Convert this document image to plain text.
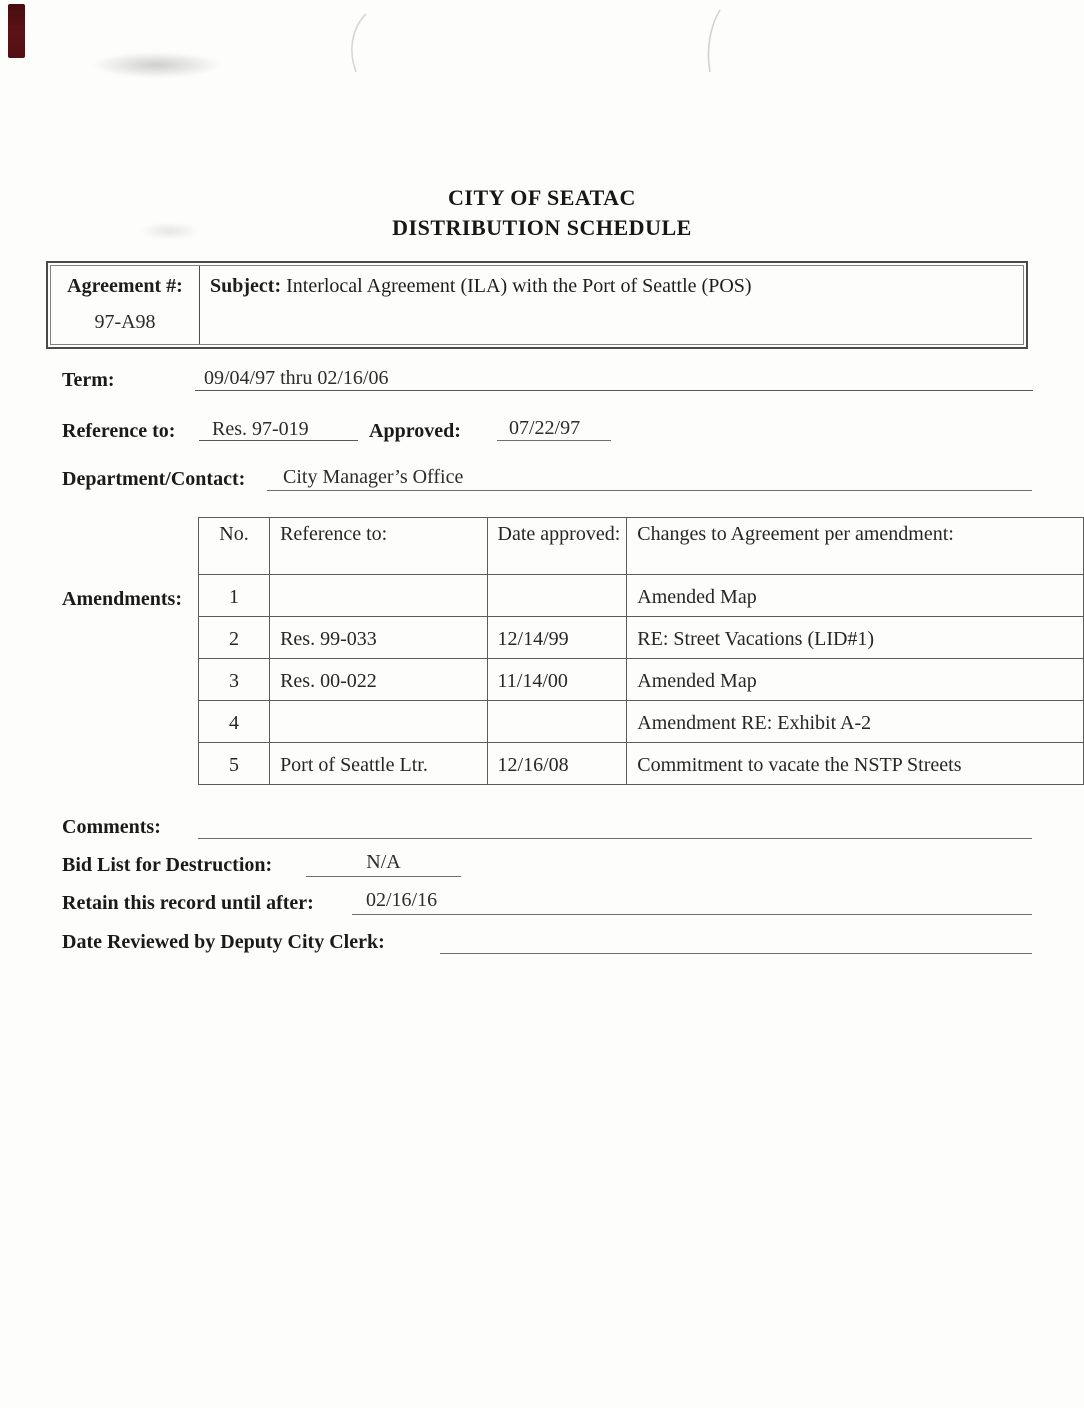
CITY OF SEATAC
DISTRIBUTION SCHEDULE
Agreement #:
97-A98
Subject: Interlocal Agreement (ILA) with the Port of Seattle (POS)
Term:	09/04/97 thru 02/16/06
Reference to: Res. 97-019	Approved: 07/22/97
Department/Contact: City Manager’s Office
Amendments:
No.	Reference to:	Date approved:	Changes to Agreement per amendment:
1			Amended Map
2	Res. 99-033	12/14/99	RE: Street Vacations (LID#1)
3	Res. 00-022	11/14/00	Amended Map
4			Amendment RE: Exhibit A-2
5	Port of Seattle Ltr.	12/16/08	Commitment to vacate the NSTP Streets
Comments:
Bid List for Destruction:	N/A
Retain this record until after:	02/16/16
Date Reviewed by Deputy City Clerk:
